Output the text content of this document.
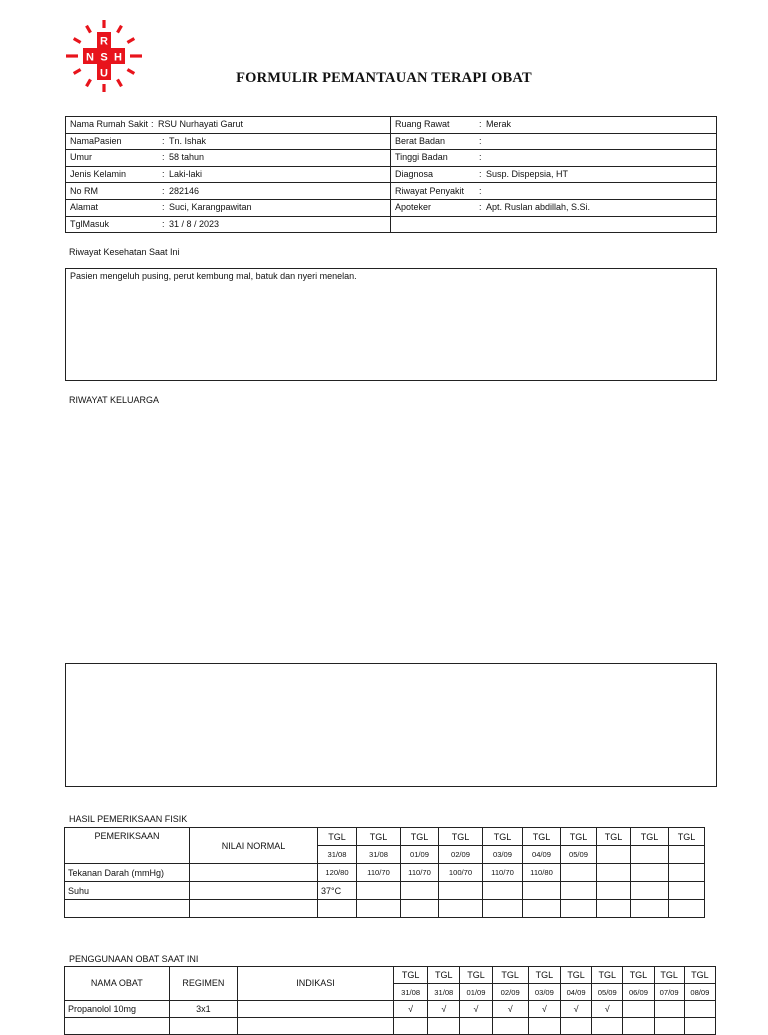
R
N S H
U	FORMULIR PEMANTAUAN TERAPI OBAT
Nama Rumah Sakit : RSU Nurhayati Garut	Ruang Rawat : Merak
NamaPasien : Tn. Ishak	Berat Badan :
Umur : 58 tahun	Tinggi Badan :
Jenis Kelamin : Laki-laki	Diagnosa : Susp. Dispepsia, HT
No RM : 282146	Riwayat Penyakit :
Alamat : Suci, Karangpawitan	Apoteker : Apt. Ruslan abdillah, S.Si.
TglMasuk : 31 / 8 / 2023	
Riwayat Kesehatan Saat Ini
Pasien mengeluh pusing, perut kembung mal, batuk dan nyeri menelan.
RIWAYAT KELUARGA
HASIL PEMERIKSAAN FISIK
PEMERIKSAAN	NILAI NORMAL	TGL	TGL	TGL	TGL	TGL	TGL	TGL	TGL	TGL	TGL
		31/08	31/08	01/09	02/09	03/09	04/09	05/09			
Tekanan Darah (mmHg)		120/80	110/70	110/70	100/70	110/70	110/80				
Suhu		37°C									

PENGGUNAAN OBAT SAAT INI
NAMA OBAT	REGIMEN	INDIKASI	TGL	TGL	TGL	TGL	TGL	TGL	TGL	TGL	TGL	TGL
			31/08	31/08	01/09	02/09	03/09	04/09	05/09	06/09	07/09	08/09
Propanolol 10mg	3x1		√	√	√	√	√	√	√			
